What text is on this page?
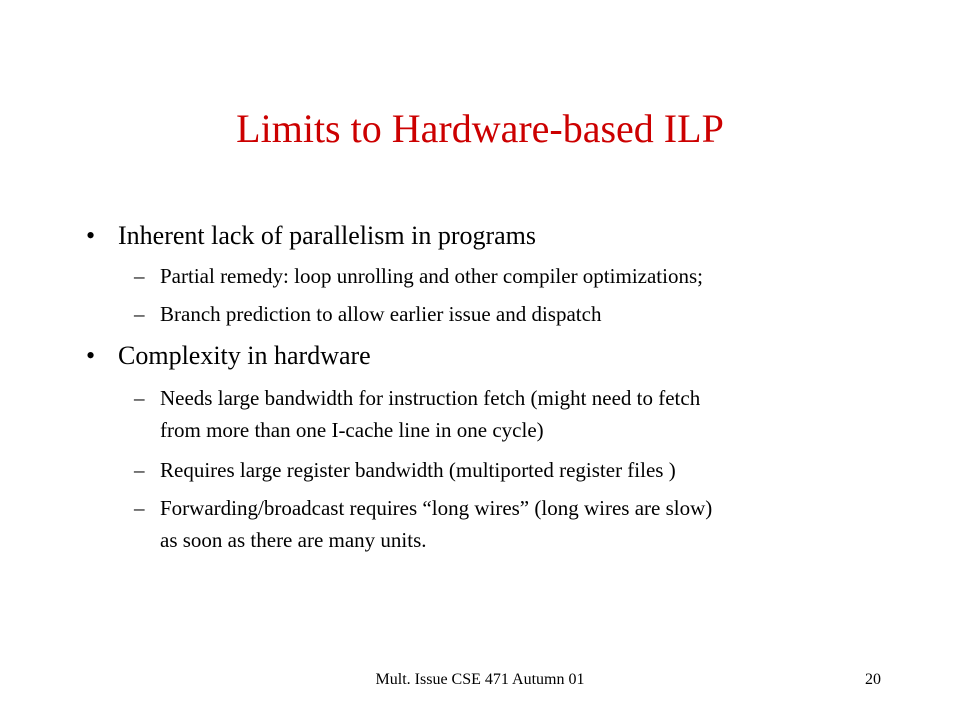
Limits to Hardware-based ILP
• Inherent lack of parallelism in programs
– Partial remedy: loop unrolling and other compiler optimizations;
– Branch prediction to allow earlier issue and dispatch
• Complexity in hardware
– Needs large bandwidth for instruction fetch (might need to fetch
from more than one I-cache line in one cycle)
– Requires large register bandwidth (multiported register files )
– Forwarding/broadcast requires “long wires” (long wires are slow)
as soon as there are many units.
Mult. Issue CSE 471 Autumn 01	20
